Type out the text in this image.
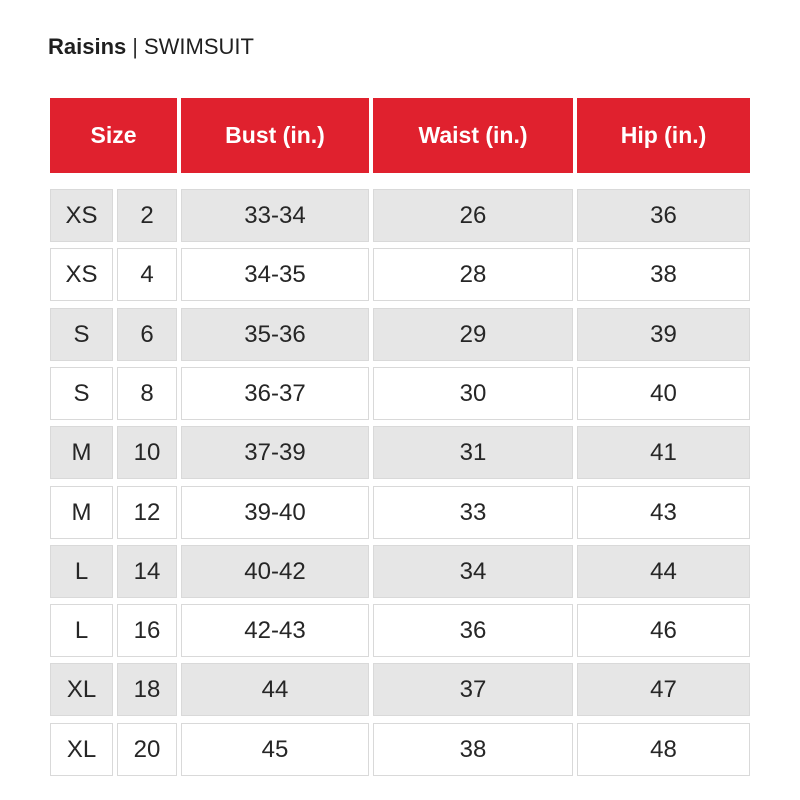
Raisins | SWIMSUIT
Size	Bust (in.)	Waist (in.)	Hip (in.)
XS	2	33-34	26	36
XS	4	34-35	28	38
S	6	35-36	29	39
S	8	36-37	30	40
M	10	37-39	31	41
M	12	39-40	33	43
L	14	40-42	34	44
L	16	42-43	36	46
XL	18	44	37	47
XL	20	45	38	48
